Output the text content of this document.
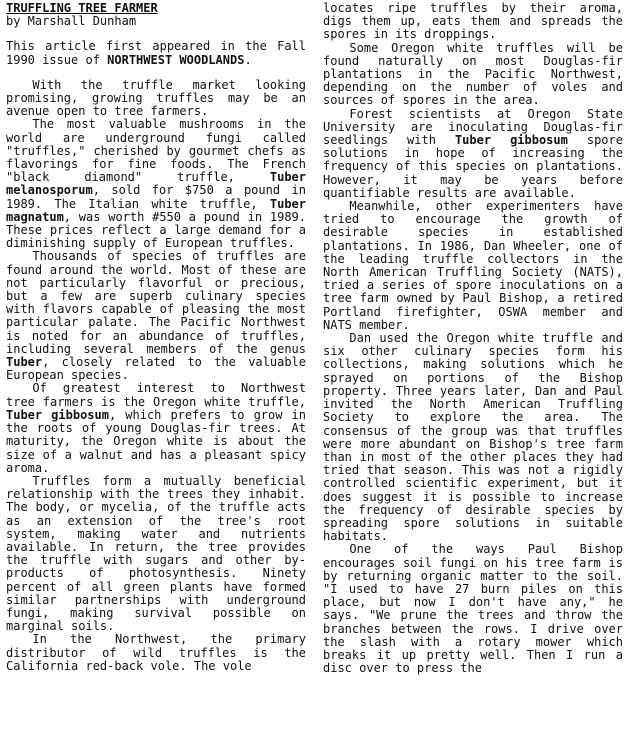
TRUFFLING TREE FARMER
by Marshall Dunham
This article first appeared in the Fall 1990 issue of NORTHWEST WOODLANDS.

With the truffle market looking promising, growing truffles may be an avenue open to tree farmers.

The most valuable mushrooms in the world are underground fungi called "truffles," cherished by gourmet chefs as flavorings for fine foods. The French "black diamond" truffle, Tuber melanosporum, sold for $750 a pound in 1989. The Italian white truffle, Tuber magnatum, was worth #550 a pound in 1989. These prices reflect a large demand for a diminishing supply of European truffles.

Thousands of species of truffles are found around the world. Most of these are not particularly flavorful or precious, but a few are superb culinary species with flavors capable of pleasing the most particular palate. The Pacific Northwest is noted for an abundance of truffles, including several members of the genus Tuber, closely related to the valuable European species.

Of greatest interest to Northwest tree farmers is the Oregon white truffle, Tuber gibbosum, which prefers to grow in the roots of young Douglas-fir trees. At maturity, the Oregon white is about the size of a walnut and has a pleasant spicy aroma.

Truffles form a mutually beneficial relationship with the trees they inhabit. The body, or mycelia, of the truffle acts as an extension of the tree's root system, making water and nutrients available. In return, the tree provides the truffle with sugars and other by-products of photosynthesis. Ninety percent of all green plants have formed similar partnerships with underground fungi, making survival possible on marginal soils.

In the Northwest, the primary distributor of wild truffles is the California red-back vole. The vole

locates ripe truffles by their aroma, digs them up, eats them and spreads the spores in its droppings.

Some Oregon white truffles will be found naturally on most Douglas-fir plantations in the Pacific Northwest, depending on the number of voles and sources of spores in the area.

Forest scientists at Oregon State University are inoculating Douglas-fir seedlings with Tuber gibbosum spore solutions in hope of increasing the frequency of this species on plantations. However, it may be years before quantifiable results are available.

Meanwhile, other experimenters have tried to encourage the growth of desirable species in established plantations. In 1986, Dan Wheeler, one of the leading truffle collectors in the North American Truffling Society (NATS), tried a series of spore inoculations on a tree farm owned by Paul Bishop, a retired Portland firefighter, OSWA member and NATS member.

Dan used the Oregon white truffle and six other culinary species form his collections, making solutions which he sprayed on portions of the Bishop property. Three years later, Dan and Paul invited the North American Truffling Society to explore the area. The consensus of the group was that truffles were more abundant on Bishop's tree farm than in most of the other places they had tried that season. This was not a rigidly controlled scientific experiment, but it does suggest it is possible to increase the frequency of desirable species by spreading spore solutions in suitable habitats.

One of the ways Paul Bishop encourages soil fungi on his tree farm is by returning organic matter to the soil. "I used to have 27 burn piles on this place, but now I don't have any," he says. "We prune the trees and throw the branches between the rows. I drive over the slash with a rotary mower which breaks it up pretty well. Then I run a disc over to press the
